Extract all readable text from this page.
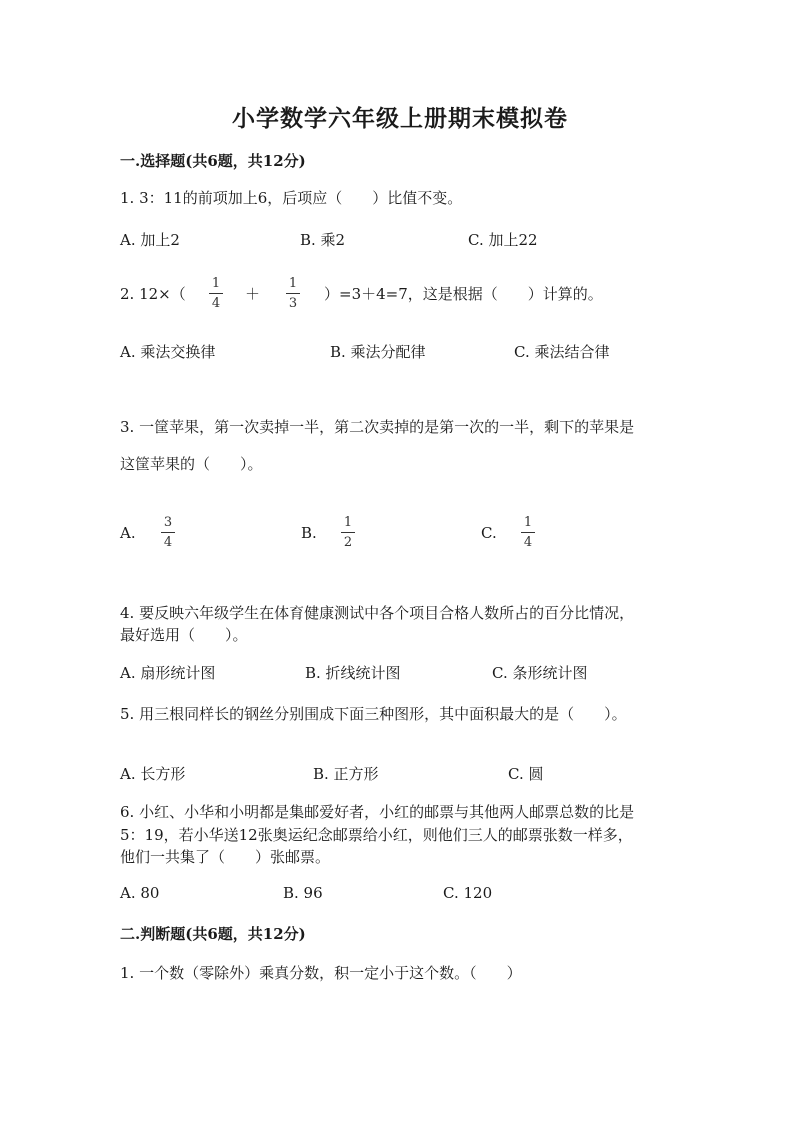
小学数学六年级上册期末模拟卷
一.选择题(共6题，共12分)
1. 3：11的前项加上6，后项应（　　）比值不变。
A. 加上2	B. 乘2	C. 加上22
2. 12×（
1
4
＋
1
3
）=3＋4=7，这是根据（　　）计算的。
A. 乘法交换律	B. 乘法分配律	C. 乘法结合律
3. 一筐苹果，第一次卖掉一半，第二次卖掉的是第一次的一半，剩下的苹果是
这筐苹果的（　　）。
A.
3
4
B.
1
2
C.
1
4
4. 要反映六年级学生在体育健康测试中各个项目合格人数所占的百分比情况，
最好选用（　　）。
A. 扇形统计图	B. 折线统计图	C. 条形统计图
5. 用三根同样长的钢丝分别围成下面三种图形，其中面积最大的是（　　）。
A. 长方形	B. 正方形	C. 圆
6. 小红、小华和小明都是集邮爱好者，小红的邮票与其他两人邮票总数的比是
5：19，若小华送12张奥运纪念邮票给小红，则他们三人的邮票张数一样多，
他们一共集了（　　）张邮票。
A. 80	B. 96	C. 120
二.判断题(共6题，共12分)
1. 一个数（零除外）乘真分数，积一定小于这个数。（　　）
